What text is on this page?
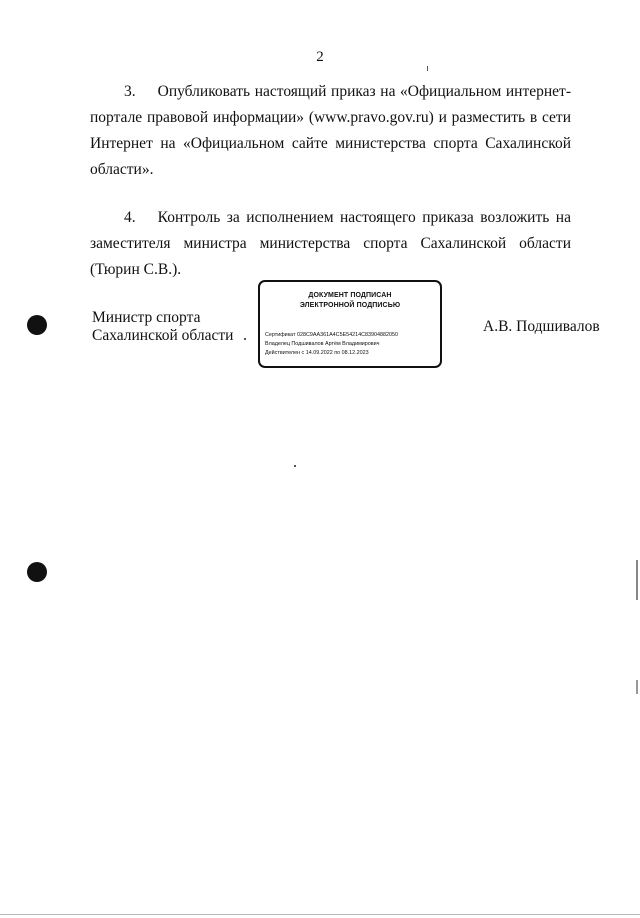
2

3. Опубликовать настоящий приказ на «Официальном интернет-портале правовой информации» (www.pravo.gov.ru) и разместить в сети Интернет на «Официальном сайте министерства спорта Сахалинской области».

4. Контроль за исполнением настоящего приказа возложить на заместителя министра министерства спорта Сахалинской области (Тюрин С.В.).

Министр спорта
Сахалинской области
ДОКУМЕНТ ПОДПИСАН
ЭЛЕКТРОННОЙ ПОДПИСЬЮ
Сертификат 028C9AA361A4C5E54214C83904882050
Владелец Подшивалов Артём Владимирович
Действителен с 14.09.2022 по 08.12.2023
А.В. Подшивалов
